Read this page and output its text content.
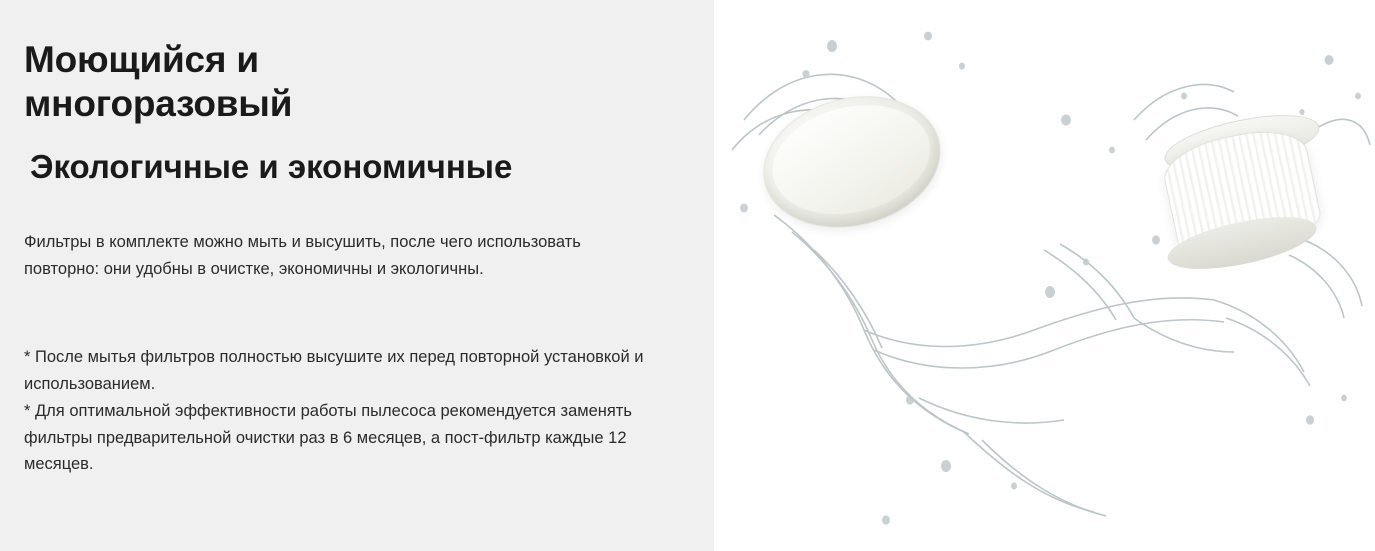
Моющийся и
многоразовый
Экологичные и экономичные

Фильтры в комплекте можно мыть и высушить, после чего использовать повторно: они удобны в очистке, экономичны и экологичны.

* После мытья фильтров полностью высушите их перед повторной установкой и использованием.

* Для оптимальной эффективности работы пылесоса рекомендуется заменять фильтры предварительной очистки раз в 6 месяцев, а пост-фильтр каждые 12 месяцев.
